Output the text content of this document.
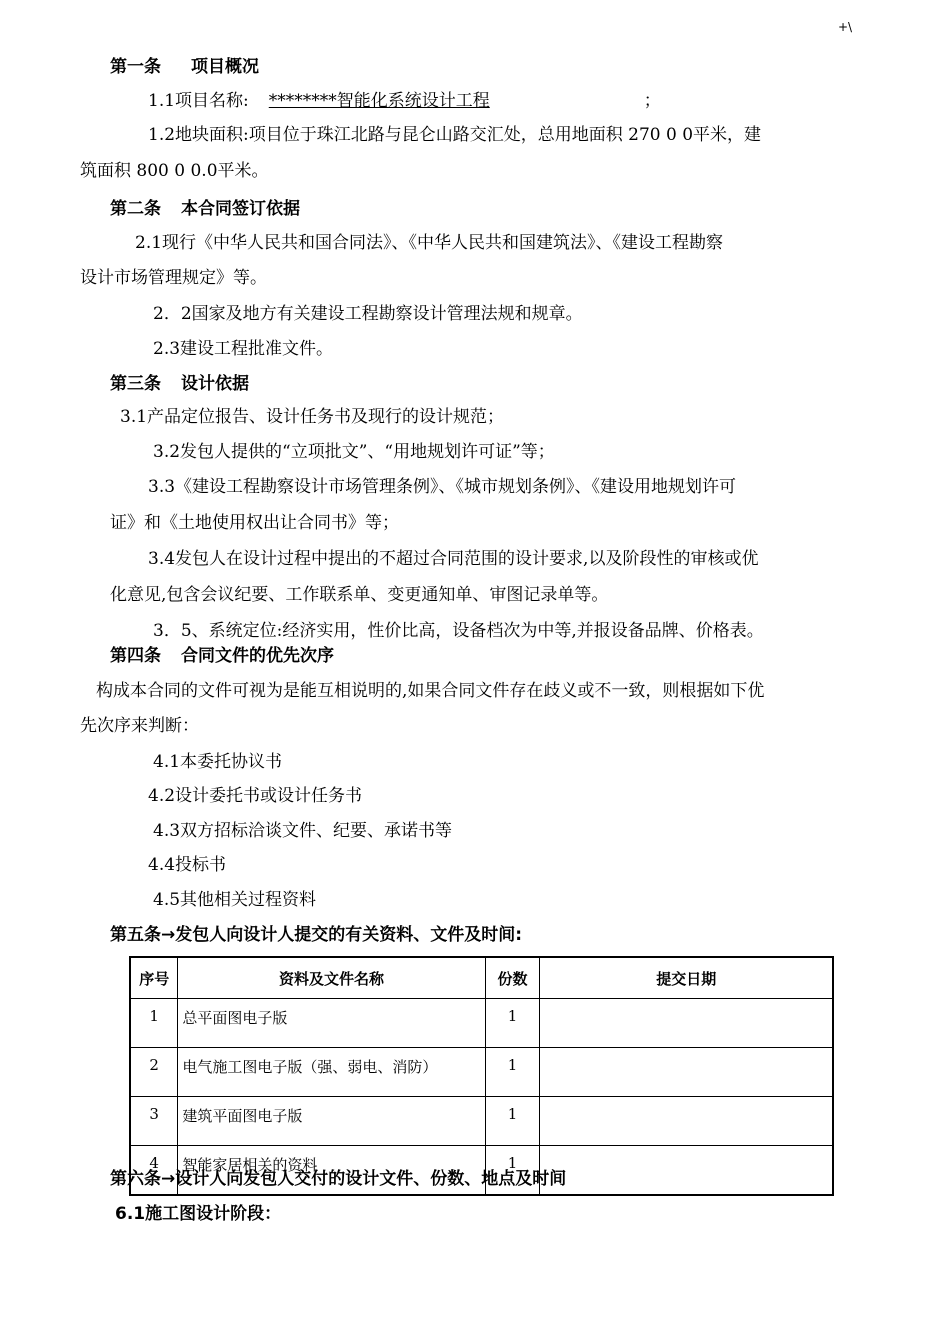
+\
第一条 项目概况
1.1项目名称: ********智能化系统设计工程	；
1.2地块面积:项目位于珠江北路与昆仑山路交汇处，总用地面积 270 0 0平米，建
筑面积 800 0 0.0平米。
第二条 本合同签订依据
2.1现行《中华人民共和国合同法》、《中华人民共和国建筑法》、《建设工程勘察
设计市场管理规定》等。
2．2国家及地方有关建设工程勘察设计管理法规和规章。
2.3建设工程批准文件。
第三条 设计依据
3.1产品定位报告、设计任务书及现行的设计规范；
3.2发包人提供的“立项批文”、“用地规划许可证”等；
3.3《建设工程勘察设计市场管理条例》、《城市规划条例》、《建设用地规划许可
证》和《土地使用权出让合同书》等；
3.4发包人在设计过程中提出的不超过合同范围的设计要求,以及阶段性的审核或优
化意见,包含会议纪要、工作联系单、变更通知单、审图记录单等。
3．5、系统定位:经济实用，性价比高，设备档次为中等,并报设备品牌、价格表。
第四条 合同文件的优先次序
构成本合同的文件可视为是能互相说明的,如果合同文件存在歧义或不一致，则根据如下优
先次序来判断：
4.1本委托协议书
4.2设计委托书或设计任务书
4.3双方招标洽谈文件、纪要、承诺书等
4.4投标书
4.5其他相关过程资料
第五条→发包人向设计人提交的有关资料、文件及时间:
序号	资料及文件名称	份数	提交日期
1	总平面图电子版	1	
2	电气施工图电子版（强、弱电、消防）	1	
3	建筑平面图电子版	1	
4	智能家居相关的资料	1	
第六条→设计人向发包人交付的设计文件、份数、地点及时间
6.1施工图设计阶段：
